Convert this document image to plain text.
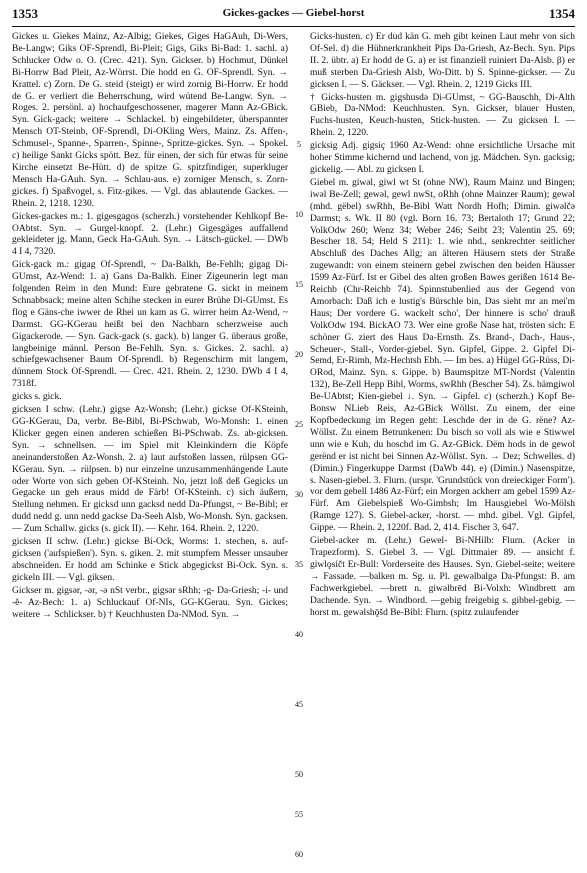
1353	Gickes-gackes — Giebel-horst	1354

Gickes u. Giekes Mainz, Az-Albig; Giekes, Giges HaGAuh, Di-Wers, Be-Langw; Giks OF-Sprendl, Bi-Pleit; Gigs, Giks Bi-Bad: 1. sachl. a) Schlucker Odw o. O. (Crec. 421). Syn. Gickser. b) Hochmut, Dünkel Bi-Horrw Bad Pleit, Az-Wörrst. Die hodd en G. OF-Sprendl. Syn. → Krattel. c) Zorn. De G. steid (steigt) er wird zornig Bi-Horrw. Er hodd de G. er verliert die Beherrschung, wird wütend Be-Langw. Syn. → Roges. 2. persönl. a) hochaufgeschossener, magerer Mann Az-GBick. Syn. Gick-gack; weitere → Schlackel. b) eingebildeter, überspannter Mensch OT-Steinb, OF-Sprendl, Di-OKling Wers, Mainz. Zs. Affen-, Schmusel-, Spanne-, Sparren-, Spinne-, Spritze-gickes. Syn. → Spokel. c) heilige Sankt Gicks spött. Bez. für einen, der sich für etwas für seine Kirche einsetzt Be-Hütt. d) de spitze G. spitzfindiger, superkluger Mensch Ha-GAuh. Syn. → Schlau-aus. e) zorniger Mensch, s. Zorn-gickes. f) Spaßvogel, s. Fitz-gikes. — Vgl. das ablautende Gackes. — Rhein. 2, 1218. 1230.

Gickes-gackes m.: 1. gigesgagos (scherzh.) vorstehender Kehlkopf Be-OAbtst. Syn. → Gurgel-knopf. 2. (Lehr.) Gigesgäges auffallend gekleideter jg. Mann, Geck Ha-GAuh. Syn. → Lätsch-gückel. — DWb 4 I 4, 7320.

Gick-gack m.: gigag Of-Sprendl, ~ Da-Balkh, Be-Fehlh; gigag Di-GUmst, Az-Wend: 1. a) Gans Da-Balkh. Einer Zigeunerin legt man folgenden Reim in den Mund: Eure gebratene G. sickt in meinem Schnabbsack; meine alten Schihe stecken in eurer Brühe Di-GUmst. Es flog e Gäns-che iwwer de Rhei un kam as G. wirrer heim Az-Wend, ~ Darmst. GG-KGerau heißt bei den Nachbarn scherzweise auch Gigackerode. — Syn. Gack-gack (s. gack). b) langer G. überaus große, langbeinige männl. Person Be-Fehlh. Syn. s. Gickes. 2. sachl. a) schiefgewachsener Baum Of-Sprendl. b) Regenschirm mit langem, dünnem Stock Of-Sprendl. — Crec. 421. Rhein. 2, 1230. DWb 4 I 4, 7318f.

gicks s. gick.

gicksen I schw. (Lehr.) gigse Az-Wonsh; (Lehr.) gickse Of-KSteinh, GG-KGerau, Da, verbr. Be-Bibl, Bi-PSchwab, Wo-Monsh: 1. einen Klicker gegen einen anderen schießen Bi-PSchwab. Zs. ab-gicksen. Syn. → schnellsen. — im Spiel mit Kleinkindern die Köpfe aneinanderstoßen Az-Wonsh. 2. a) laut aufstoßen lassen, rülpsen GG-KGerau. Syn. → rülpsen. b) nur einzelne unzusammenhängende Laute oder Worte von sich geben Of-KSteinh. No, jetzt loß deß Gegicks un Gegacke un geh eraus midd de Färb! Of-KSteinh. c) sich äußern, Stellung nehmen. Er gicksd unn gacksd nedd Da-Pfungst, ~ Be-Bibl; er dudd nedd g. unn nedd gackse Da-Seeh Alsb, Wo-Monsh. Syn. gacksen. — Zum Schallw. gicks (s. gick II). — Kehr. 164. Rhein. 2, 1220.

gicksen II schw. (Lehr.) gickse Bi-Ock, Worms: 1. stechen, s. auf-gicksen ('aufspießen'). Syn. s. giken. 2. mit stumpfem Messer unsauber abschneiden. Er hodd am Schinke e Stick abgegickst Bi-Ock. Syn. s. gickeln III. — Vgl. giksen.

Gickser m. gigsər, -ər, -ə nSt verbr., gigsər sRhh; -g- Da-Griesh; -i- und -ĕ- Az-Bech: 1. a) Schluckauf Of-NIs, GG-KGerau. Syn. Gickes; weitere → Schlickser. b) † Keuchhusten Da-NMod. Syn. →

5
10
15
20
25
30
35
40
45
50
55
60

Gicks-husten. c) Er dud kän G. meh gibt keinen Laut mehr von sich Of-Sel. d) die Hühnerkrankheit Pips Da-Griesh, Az-Bech. Syn. Pips II. 2. übtr. a) Er hodd de G. a) er ist finanziell ruiniert Da-Alsb. β) er muß sterben Da-Griesh Alsb, Wo-Ditt. b) S. Spinne-gickser. — Zu gicksen I. — S. Gäckser. — Vgl. Rhein. 2, 1219 Gicks III.

† Gicks-husten m. gigshusdə Di-GUmst, ~ GG-Bauschh, Di-Alth GBieb, Da-NMod: Keuchhusten. Syn. Gickser, blauer Husten, Fuchs-husten, Keuch-husten, Stick-husten. — Zu gicksen I. — Rhein. 2, 1220.

gicksig Adj. gigsiç 1960 Az-Wend: ohne ersichtliche Ursache mit hoher Stimme kichernd und lachend, von jg. Mädchen. Syn. gacksig; gickelig. — Abl. zu gicksen I.

Giebel m. giwəl, giwl wt St (ohne NW), Raum Mainz und Bingen; iwəl Be-Zell; gewəl, gewl nwSt, oRhh (ohne Mainzer Raum); gewəl (mhd. gëbel) swRhh, Be-Bibl Watt Nordh Hofh; Dimin. giwəlčə Darmst; s. Wk. II 80 (vgl. Born 16. 73; Bertaloth 17; Grund 22; VolkOdw 260; Wenz 34; Weber 246; Seibt 23; Valentin 25. 69; Bescher 18. 54; Held S 211): 1. wie nhd., senkrechter seitlicher Abschluß des Daches Allg; an älteren Häusern stets der Straße zugewandt: von einem steinern gebel zwischen den beiden Häusser 1599 Az-Fürf. Ist er Gibel des alten großen Bawes gerißen 1614 Be-Reichb (Chr-Reichb 74). Spinnstubenlied aus der Gegend von Amorbach: Daß ich e lustig's Bürschle bin, Das sieht mr an mei'm Haus; Der vordere G. wackelt scho', Der hinnere is scho' drauß VolkOdw 194. BickAO 73. Wer eine große Nase hat, trösten sich: E schöner G. ziert des Haus Da-Ernsth. Zs. Brand-, Dach-, Haus-, Scheuer-, Stall-, Vorder-giebel. Syn. Gipfel, Gippe. 2. Gipfel Di-Semd, Er-Rimh, Mz-Hechtsh Ebh. — Im bes. a) Hügel GG-Rüss, Di-ORod, Mainz. Syn. s. Gippe. b) Baumspitze MT-Nordst (Valentin 132), Be-Zell Hepp Bibl, Worms, swRhh (Bescher 54). Zs. bämgiwol Be-UAbtst; Kien-giebel ↓. Syn. → Gipfel. c) (scherzh.) Kopf Be-Bonsw NLieb Reis, Az-GBick Wöllst. Zu einem, der eine Kopfbedeckung im Regen geht: Leschde der in de G. rëne? Az-Wöllst. Zu einem Betrunkenen: Du bisch so voll als wie e Stiwwel unn wie e Kuh, du hoschd im G. Az-GBick. Dëm hods in de gewol gerënd er ist nicht bei Sinnen Az-Wöllst. Syn. → Dez; Schwelles. d) (Dimin.) Fingerkuppe Darmst (DaWb 44). e) (Dimin.) Nasenspitze, s. Nasen-giebel. 3. Flurn. (urspr. 'Grundstück von dreieckiger Form'). vor dem gebell 1486 Az-Fürf; ein Morgen ackherr am gebel 1599 Az-Fürf. Am Giebelspieß Wo-Gimbsh; Im Hausgiebel Wo-Mölsh (Ramge 127). S. Giebel-acker, -horst. — mhd. gibel. Vgl. Gipfel, Gippe. — Rhein. 2, 1220f. Bad. 2, 414. Fischer 3, 647.

Giebel-acker m. (Lehr.) Gewel- Bi-NHilb: Flurn. (Acker in Trapezform). S. Giebel 3. — Vgl. Dittmaier 89. — ansicht f. giwlǫsičt Er-Bull: Vorderseite des Hauses. Syn. Giebel-seite; weitere → Fassade. —balken m. Sg. u. Pl. gewəlbalgə Da-Pfungst: B. am Fachwerkgiebel. —brett n. giwəlbrēd Bi-Volxh: Windbrett am Dachende. Syn. → Windbord. —gebig freigebig s. gibbel-gebig. —horst m. gewəlshǭšd Be-Bibl: Flurn. (spitz zulaufender
